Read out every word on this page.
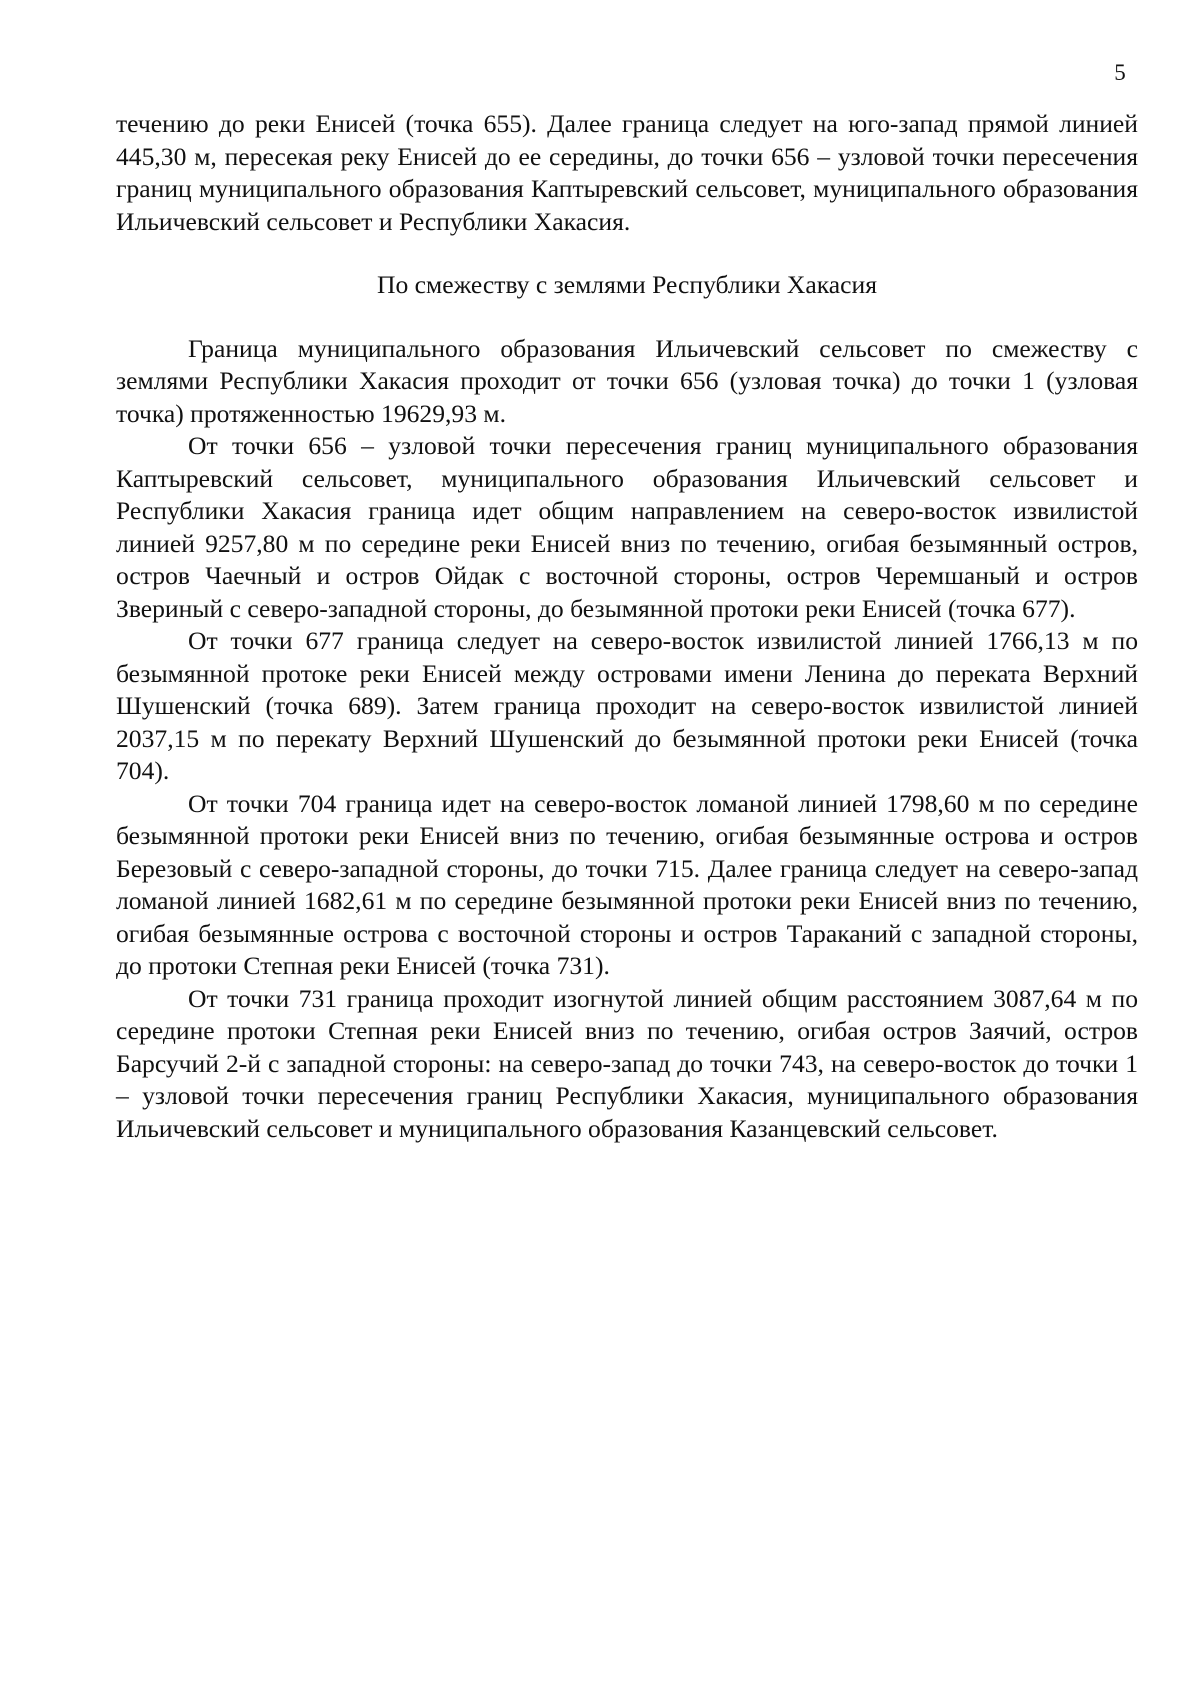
5

течению до реки Енисей (точка 655). Далее граница следует на юго-запад прямой линией 445,30 м, пересекая реку Енисей до ее середины, до точки 656 – узловой точки пересечения границ муниципального образования Каптыревский сельсовет, муниципального образования Ильичевский сельсовет и Республики Хакасия.

По смежеству с землями Республики Хакасия

Граница муниципального образования Ильичевский сельсовет по смежеству с землями Республики Хакасия проходит от точки 656 (узловая точка) до точки 1 (узловая точка) протяженностью 19629,93 м.

От точки 656 – узловой точки пересечения границ муниципального образования Каптыревский сельсовет, муниципального образования Ильичевский сельсовет и Республики Хакасия граница идет общим направлением на северо-восток извилистой линией 9257,80 м по середине реки Енисей вниз по течению, огибая безымянный остров, остров Чаечный и остров Ойдак с восточной стороны, остров Черемшаный и остров Звериный с северо-западной стороны, до безымянной протоки реки Енисей (точка 677).

От точки 677 граница следует на северо-восток извилистой линией 1766,13 м по безымянной протоке реки Енисей между островами имени Ленина до переката Верхний Шушенский (точка 689). Затем граница проходит на северо-восток извилистой линией 2037,15 м по перекату Верхний Шушенский до безымянной протоки реки Енисей (точка 704).

От точки 704 граница идет на северо-восток ломаной линией 1798,60 м по середине безымянной протоки реки Енисей вниз по течению, огибая безымянные острова и остров Березовый с северо-западной стороны, до точки 715. Далее граница следует на северо-запад ломаной линией 1682,61 м по середине безымянной протоки реки Енисей вниз по течению, огибая безымянные острова с восточной стороны и остров Тараканий с западной стороны, до протоки Степная реки Енисей (точка 731).

От точки 731 граница проходит изогнутой линией общим расстоянием 3087,64 м по середине протоки Степная реки Енисей вниз по течению, огибая остров Заячий, остров Барсучий 2-й с западной стороны: на северо-запад до точки 743, на северо-восток до точки 1 – узловой точки пересечения границ Республики Хакасия, муниципального образования Ильичевский сельсовет и муниципального образования Казанцевский сельсовет.
